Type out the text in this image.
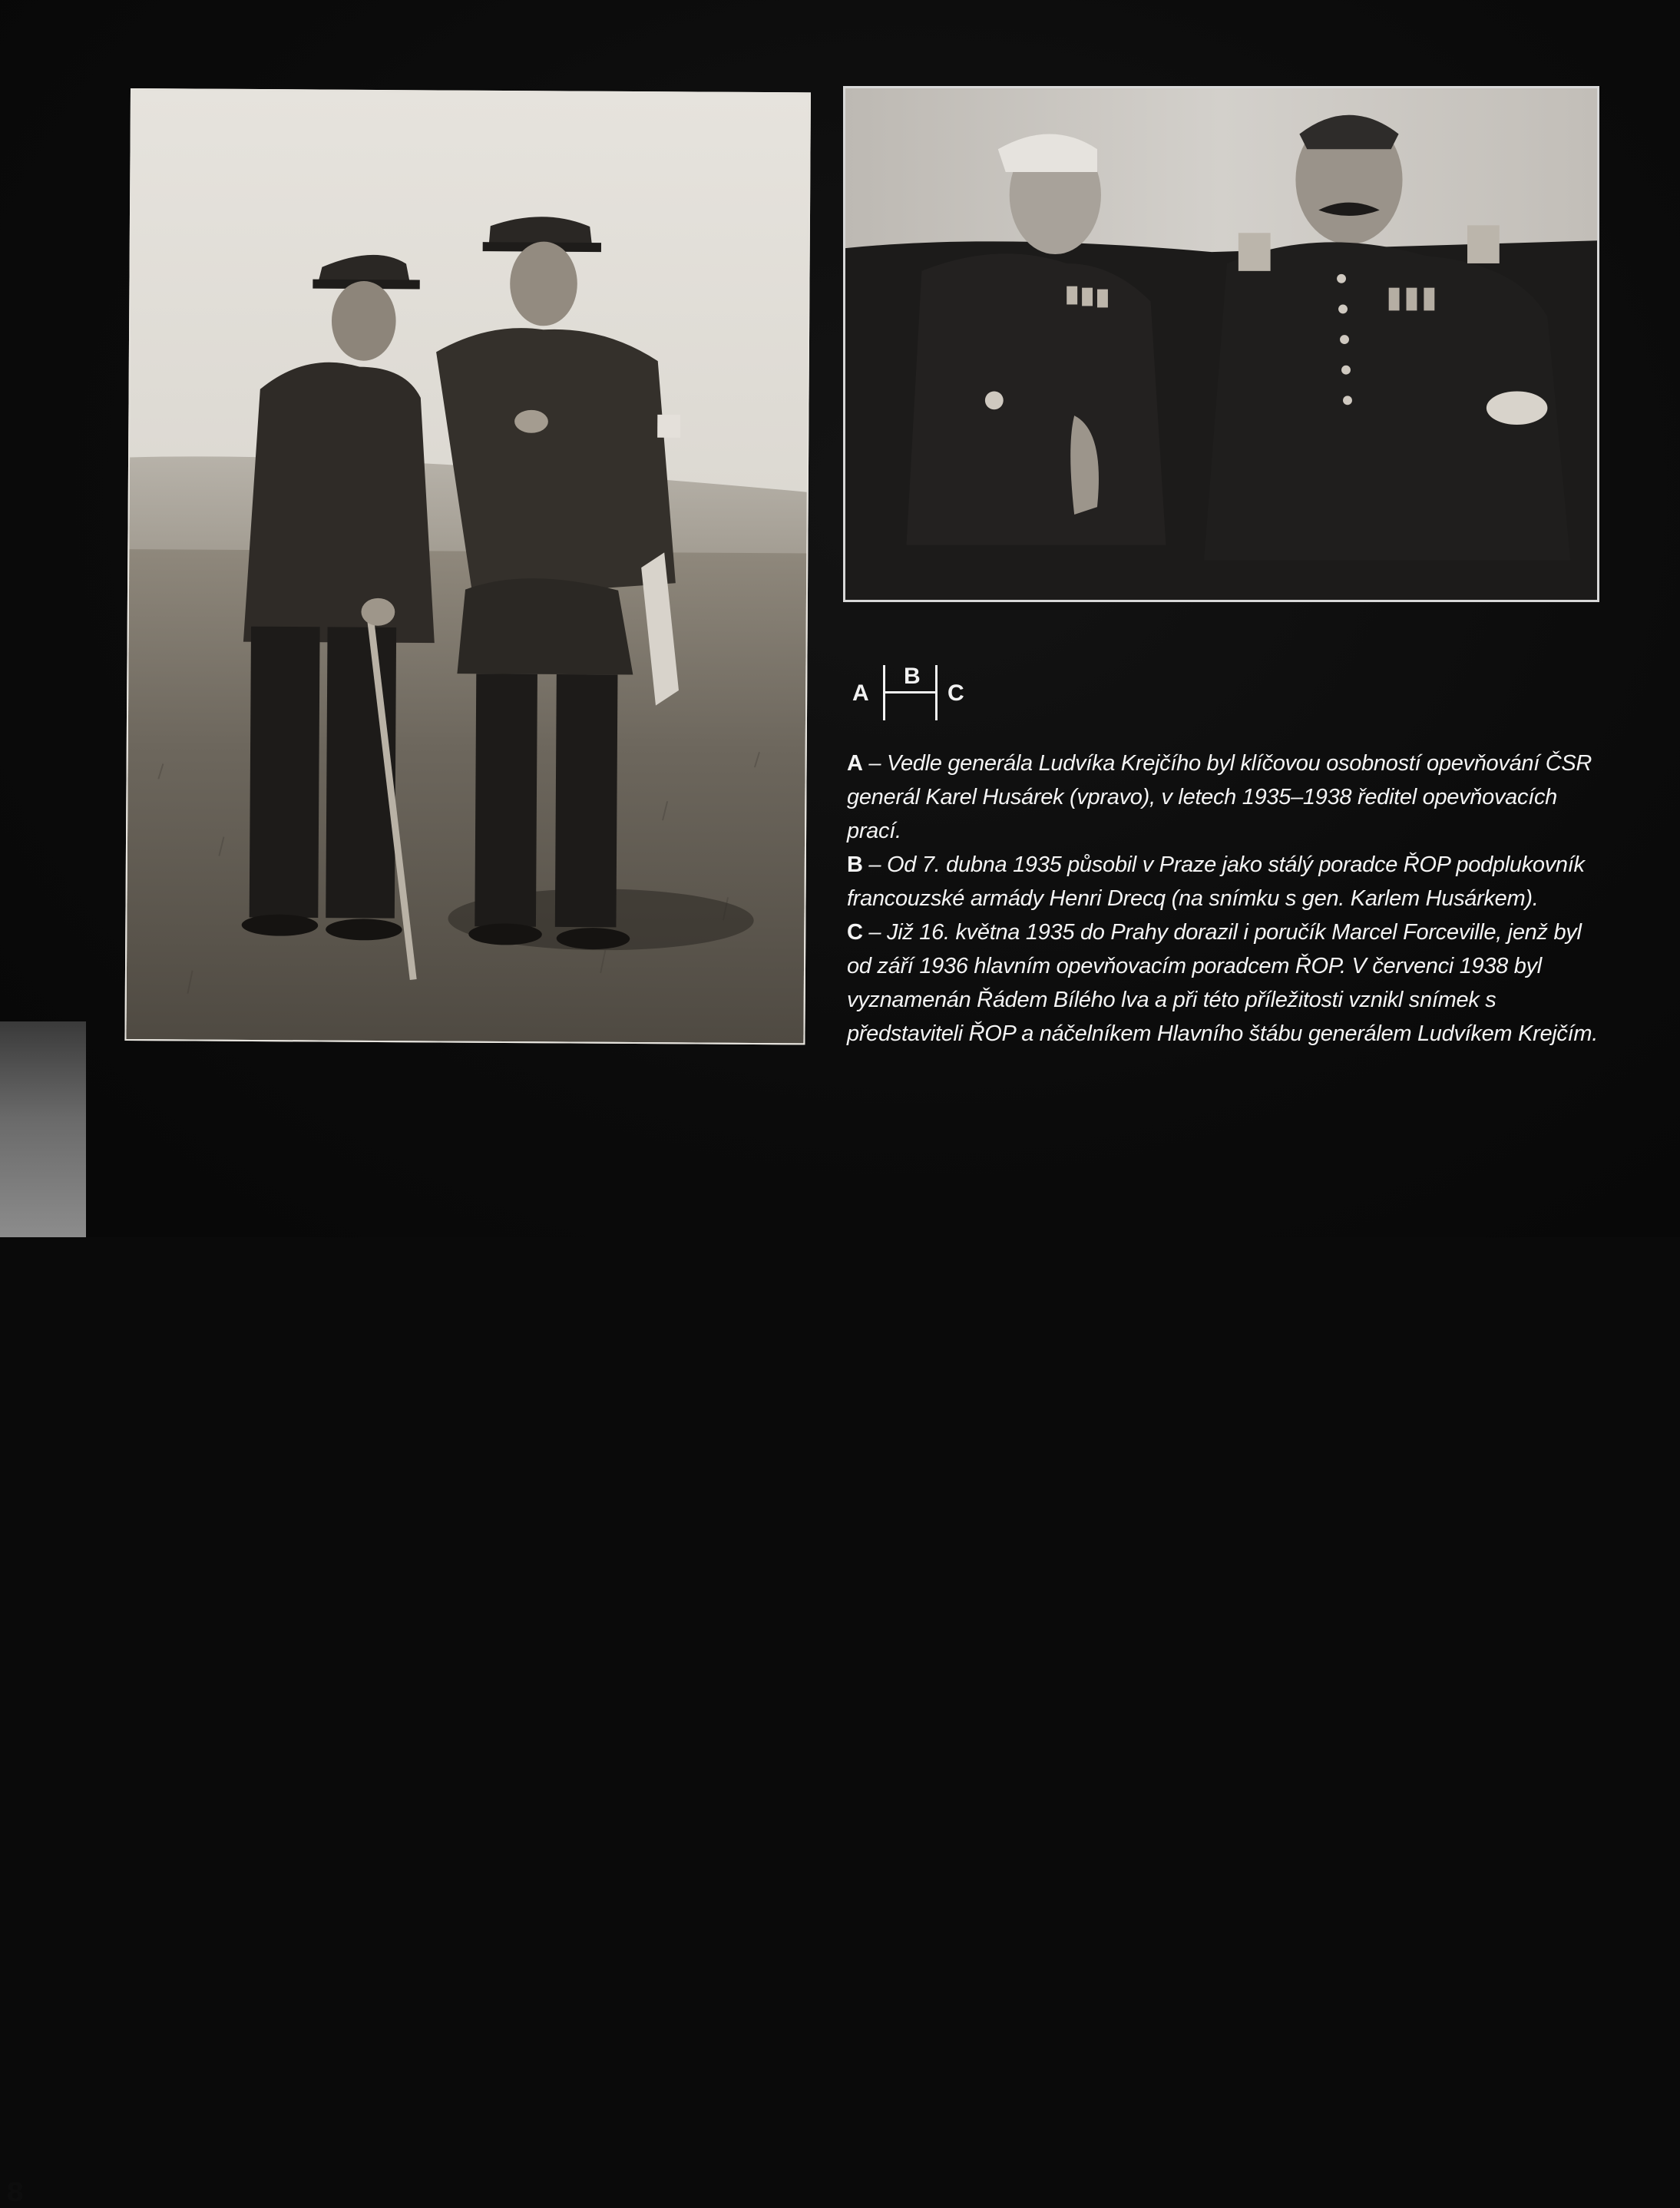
8
A
B
C

A – Vedle generála Ludvíka Krejčího byl klíčovou osobností opevňování ČSR generál Karel Husárek (vpravo), v letech 1935–1938 ředitel opevňovacích prací.

B – Od 7. dubna 1935 působil v Praze jako stálý poradce ŘOP podplukovník francouzské armády Henri Drecq (na snímku s gen. Karlem Husárkem).

C – Již 16. května 1935 do Prahy dorazil i poručík Marcel Forceville, jenž byl od září 1936 hlavním opevňovacím poradcem ŘOP. V červenci 1938 byl vyznamenán Řádem Bílého lva a při této příležitosti vznikl snímek s představiteli ŘOP a náčelníkem Hlavního štábu generálem Ludvíkem Krejčím.
